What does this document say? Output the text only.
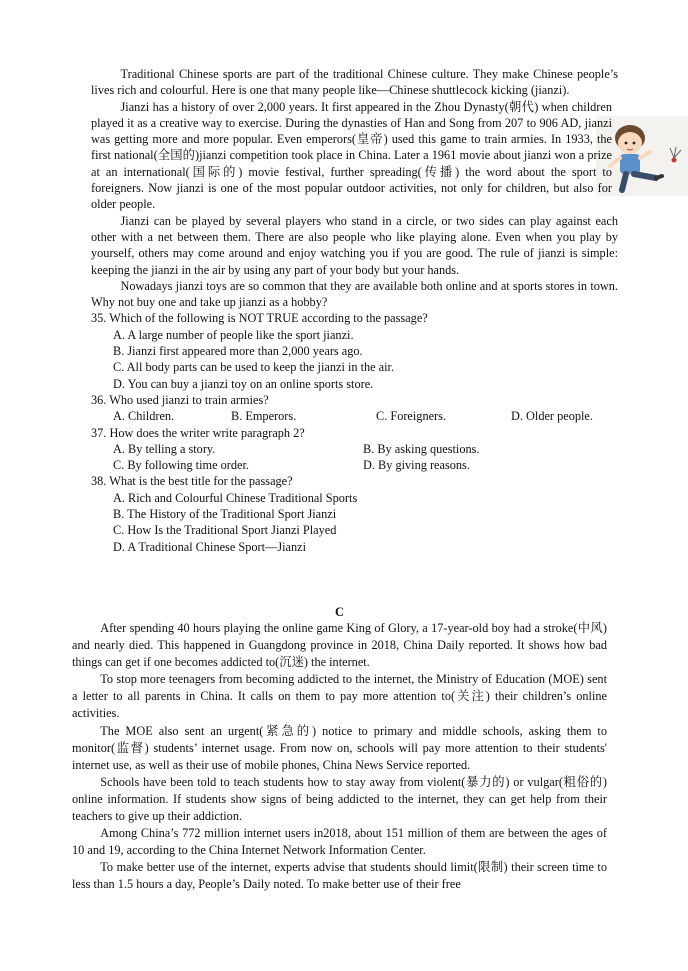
Traditional Chinese sports are part of the traditional Chinese culture. They make Chinese people’s lives rich and colourful. Here is one that many people like—Chinese shuttlecock kicking (jianzi).

Jianzi has a history of over 2,000 years. It first appeared in the Zhou Dynasty(朝代) when children played it as a creative way to exercise. During the dynasties of Han and Song from 207 to 906 AD, jianzi was getting more and more popular. Even emperors(皇帝) used this game to train armies. In 1933, the first national(全国的)jianzi competition took place in China. Later a 1961 movie about jianzi won a prize at an international(国际的) movie festival, further spreading(传播) the word about the sport to foreigners. Now jianzi is one of the most popular outdoor activities, not only for children, but also for older people.

Jianzi can be played by several players who stand in a circle, or two sides can play against each other with a net between them. There are also people who like playing alone. Even when you play by yourself, others may come around and enjoy watching you if you are good. The rule of jianzi is simple: keeping the jianzi in the air by using any part of your body but your hands.

Nowadays jianzi toys are so common that they are available both online and at sports stores in town. Why not buy one and take up jianzi as a hobby?

35. Which of the following is NOT TRUE according to the passage?

A. A large number of people like the sport jianzi.

B. Jianzi first appeared more than 2,000 years ago.

C. All body parts can be used to keep the jianzi in the air.

D. You can buy a jianzi toy on an online sports store.

36. Who used jianzi to train armies?

A. Children.	B. Emperors.	C. Foreigners.	D. Older people.

37. How does the writer write paragraph 2?

A. By telling a story.	B. By asking questions.
C. By following time order.	D. By giving reasons.

38. What is the best title for the passage?

A. Rich and Colourful Chinese Traditional Sports

B. The History of the Traditional Sport Jianzi

C. How Is the Traditional Sport Jianzi Played

D. A Traditional Chinese Sport—Jianzi

C

After spending 40 hours playing the online game King of Glory, a 17-year-old boy had a stroke(中风) and nearly died. This happened in Guangdong province in 2018, China Daily reported. It shows how bad things can get if one becomes addicted to(沉迷) the internet.

To stop more teenagers from becoming addicted to the internet, the Ministry of Education (MOE) sent a letter to all parents in China. It calls on them to pay more attention to(关注) their children’s online activities.

The MOE also sent an urgent(紧急的) notice to primary and middle schools, asking them to monitor(监督) students’ internet usage. From now on, schools will pay more attention to their students' internet use, as well as their use of mobile phones, China News Service reported.

Schools have been told to teach students how to stay away from violent(暴力的) or vulgar(粗俗的) online information. If students show signs of being addicted to the internet, they can get help from their teachers to give up their addiction.

Among China’s 772 million internet users in2018, about 151 million of them are between the ages of 10 and 19, according to the China Internet Network Information Center.

To make better use of the internet, experts advise that students should limit(限制) their screen time to less than 1.5 hours a day, People’s Daily noted. To make better use of their free
